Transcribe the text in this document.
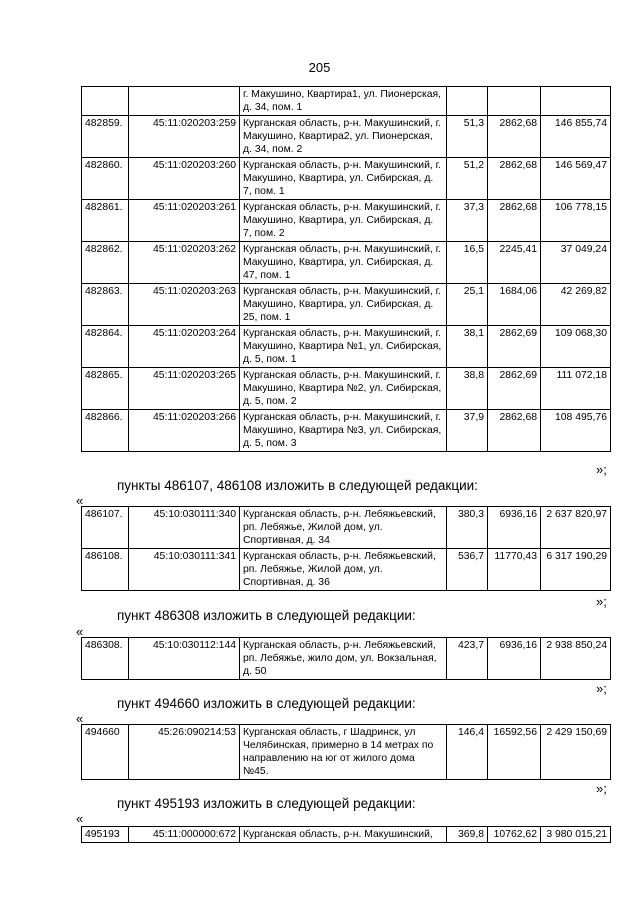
205
		г. Макушино, Квартира1, ул. Пионерская, д. 34, пом. 1			
482859.	45:11:020203:259	Курганская область, р-н. Макушинский, г. Макушино, Квартира2, ул. Пионерская, д. 34, пом. 2	51,3	2862,68	146 855,74
482860.	45:11:020203:260	Курганская область, р-н. Макушинский, г. Макушино, Квартира, ул. Сибирская, д. 7, пом. 1	51,2	2862,68	146 569,47
482861.	45:11:020203:261	Курганская область, р-н. Макушинский, г. Макушино, Квартира, ул. Сибирская, д. 7, пом. 2	37,3	2862,68	106 778,15
482862.	45:11:020203:262	Курганская область, р-н. Макушинский, г. Макушино, Квартира, ул. Сибирская, д. 47, пом. 1	16,5	2245,41	37 049,24
482863.	45:11:020203:263	Курганская область, р-н. Макушинский, г. Макушино, Квартира, ул. Сибирская, д. 25, пом. 1	25,1	1684,06	42 269,82
482864.	45:11:020203:264	Курганская область, р-н. Макушинский, г. Макушино, Квартира №1, ул. Сибирская, д. 5, пом. 1	38,1	2862,69	109 068,30
482865.	45:11:020203:265	Курганская область, р-н. Макушинский, г. Макушино, Квартира №2, ул. Сибирская, д. 5, пом. 2	38,8	2862,69	111 072,18
482866.	45:11:020203:266	Курганская область, р-н. Макушинский, г. Макушино, Квартира №3, ул. Сибирская, д. 5, пом. 3	37,9	2862,68	108 495,76
»;
пункты 486107, 486108 изложить в следующей редакции:
«
486107.	45:10:030111:340	Курганская область, р-н. Лебяжьевский, рп. Лебяжье, Жилой дом, ул. Спортивная, д. 34	380,3	6936,16	2 637 820,97
486108.	45:10:030111:341	Курганская область, р-н. Лебяжьевский, рп. Лебяжье, Жилой дом, ул. Спортивная, д. 36	536,7	11770,43	6 317 190,29
»;
пункт 486308 изложить в следующей редакции:
«
486308.	45:10:030112:144	Курганская область, р-н. Лебяжьевский, рп. Лебяжье, жило дом, ул. Вокзальная, д. 50	423,7	6936,16	2 938 850,24
»;
пункт 494660 изложить в следующей редакции:
«
494660	45:26:090214:53	Курганская область, г Шадринск, ул Челябинская, примерно в 14 метрах по направлению на юг от жилого дома №45.	146,4	16592,56	2 429 150,69
»;
пункт 495193 изложить в следующей редакции:
«
495193	45:11:000000:672	Курганская область, р-н. Макушинский,	369,8	10762,62	3 980 015,21
